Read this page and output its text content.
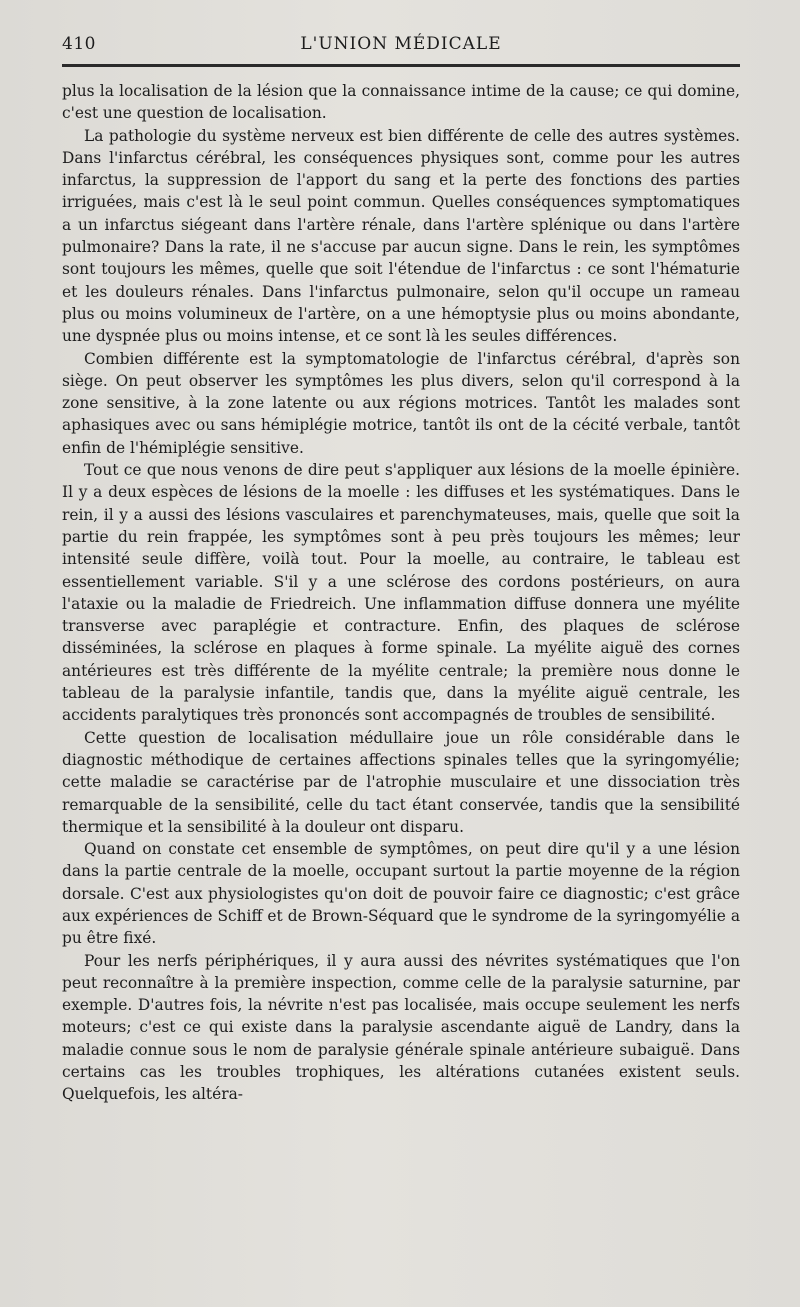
410	L'UNION MÉDICALE

plus la localisation de la lésion que la connaissance intime de la cause; ce qui domine, c'est une question de localisation.

La pathologie du système nerveux est bien différente de celle des autres systèmes. Dans l'infarctus cérébral, les conséquences physiques sont, comme pour les autres infarctus, la suppression de l'apport du sang et la perte des fonctions des parties irriguées, mais c'est là le seul point commun. Quelles conséquences symptomatiques a un infarctus siégeant dans l'artère rénale, dans l'artère splénique ou dans l'artère pulmonaire? Dans la rate, il ne s'accuse par aucun signe. Dans le rein, les symptômes sont toujours les mêmes, quelle que soit l'étendue de l'infarctus : ce sont l'hématurie et les douleurs rénales. Dans l'infarctus pulmonaire, selon qu'il occupe un rameau plus ou moins volumineux de l'artère, on a une hémoptysie plus ou moins abondante, une dyspnée plus ou moins intense, et ce sont là les seules différences.

Combien différente est la symptomatologie de l'infarctus cérébral, d'après son siège. On peut observer les symptômes les plus divers, selon qu'il correspond à la zone sensitive, à la zone latente ou aux régions motrices. Tantôt les malades sont aphasiques avec ou sans hémiplégie motrice, tantôt ils ont de la cécité verbale, tantôt enfin de l'hémiplégie sensitive.

Tout ce que nous venons de dire peut s'appliquer aux lésions de la moelle épinière. Il y a deux espèces de lésions de la moelle : les diffuses et les systématiques. Dans le rein, il y a aussi des lésions vasculaires et parenchymateuses, mais, quelle que soit la partie du rein frappée, les symptômes sont à peu près toujours les mêmes; leur intensité seule diffère, voilà tout. Pour la moelle, au contraire, le tableau est essentiellement variable. S'il y a une sclérose des cordons postérieurs, on aura l'ataxie ou la maladie de Friedreich. Une inflammation diffuse donnera une myélite transverse avec paraplégie et contracture. Enfin, des plaques de sclérose disséminées, la sclérose en plaques à forme spinale. La myélite aiguë des cornes antérieures est très différente de la myélite centrale; la première nous donne le tableau de la paralysie infantile, tandis que, dans la myélite aiguë centrale, les accidents paralytiques très prononcés sont accompagnés de troubles de sensibilité.

Cette question de localisation médullaire joue un rôle considérable dans le diagnostic méthodique de certaines affections spinales telles que la syringomyélie; cette maladie se caractérise par de l'atrophie musculaire et une dissociation très remarquable de la sensibilité, celle du tact étant conservée, tandis que la sensibilité thermique et la sensibilité à la douleur ont disparu.

Quand on constate cet ensemble de symptômes, on peut dire qu'il y a une lésion dans la partie centrale de la moelle, occupant surtout la partie moyenne de la région dorsale. C'est aux physiologistes qu'on doit de pouvoir faire ce diagnostic; c'est grâce aux expériences de Schiff et de Brown-Séquard que le syndrome de la syringomyélie a pu être fixé.

Pour les nerfs périphériques, il y aura aussi des névrites systématiques que l'on peut reconnaître à la première inspection, comme celle de la paralysie saturnine, par exemple. D'autres fois, la névrite n'est pas localisée, mais occupe seulement les nerfs moteurs; c'est ce qui existe dans la paralysie ascendante aiguë de Landry, dans la maladie connue sous le nom de paralysie générale spinale antérieure subaiguë. Dans certains cas les troubles trophiques, les altérations cutanées existent seuls. Quelquefois, les altéra-
